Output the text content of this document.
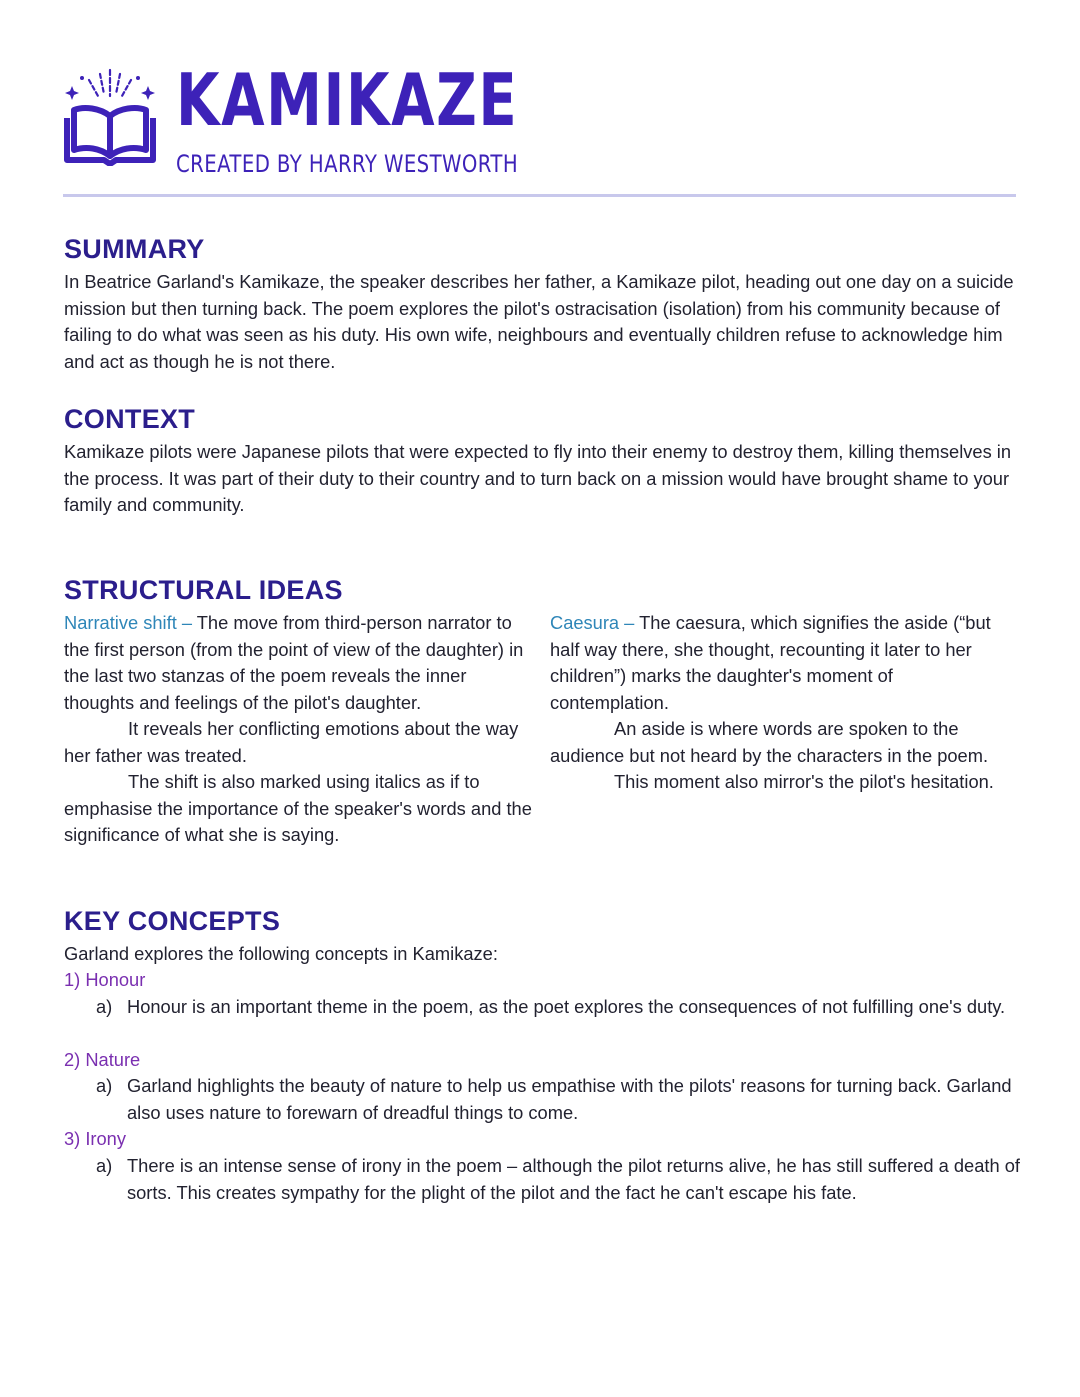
KAMIKAZE
CREATED BY HARRY WESTWORTH
SUMMARY

In Beatrice Garland's Kamikaze, the speaker describes her father, a Kamikaze pilot, heading out one day on a suicide mission but then turning back. The poem explores the pilot's ostracisation (isolation) from his community because of failing to do what was seen as his duty. His own wife, neighbours and eventually children refuse to acknowledge him and act as though he is not there.

CONTEXT

Kamikaze pilots were Japanese pilots that were expected to fly into their enemy to destroy them, killing themselves in the process. It was part of their duty to their country and to turn back on a mission would have brought shame to your family and community.

STRUCTURAL IDEAS
Narrative shift – The move from third-person narrator to the first person (from the point of view of the daughter) in the last two stanzas of the poem reveals the inner thoughts and feelings of the pilot's daughter.
It reveals her conflicting emotions about the way her father was treated.
The shift is also marked using italics as if to emphasise the importance of the speaker's words and the significance of what she is saying.
Caesura – The caesura, which signifies the aside (“but half way there, she thought, recounting it later to her children”) marks the daughter's moment of contemplation.
An aside is where words are spoken to the audience but not heard by the characters in the poem.
This moment also mirror's the pilot's hesitation.
KEY CONCEPTS

Garland explores the following concepts in Kamikaze:

1) Honour
a) Honour is an important theme in the poem, as the poet explores the consequences of not fulfilling one's duty.
2) Nature
a) Garland highlights the beauty of nature to help us empathise with the pilots' reasons for turning back. Garland also uses nature to forewarn of dreadful things to come.
3) Irony
a) There is an intense sense of irony in the poem – although the pilot returns alive, he has still suffered a death of sorts. This creates sympathy for the plight of the pilot and the fact he can't escape his fate.
